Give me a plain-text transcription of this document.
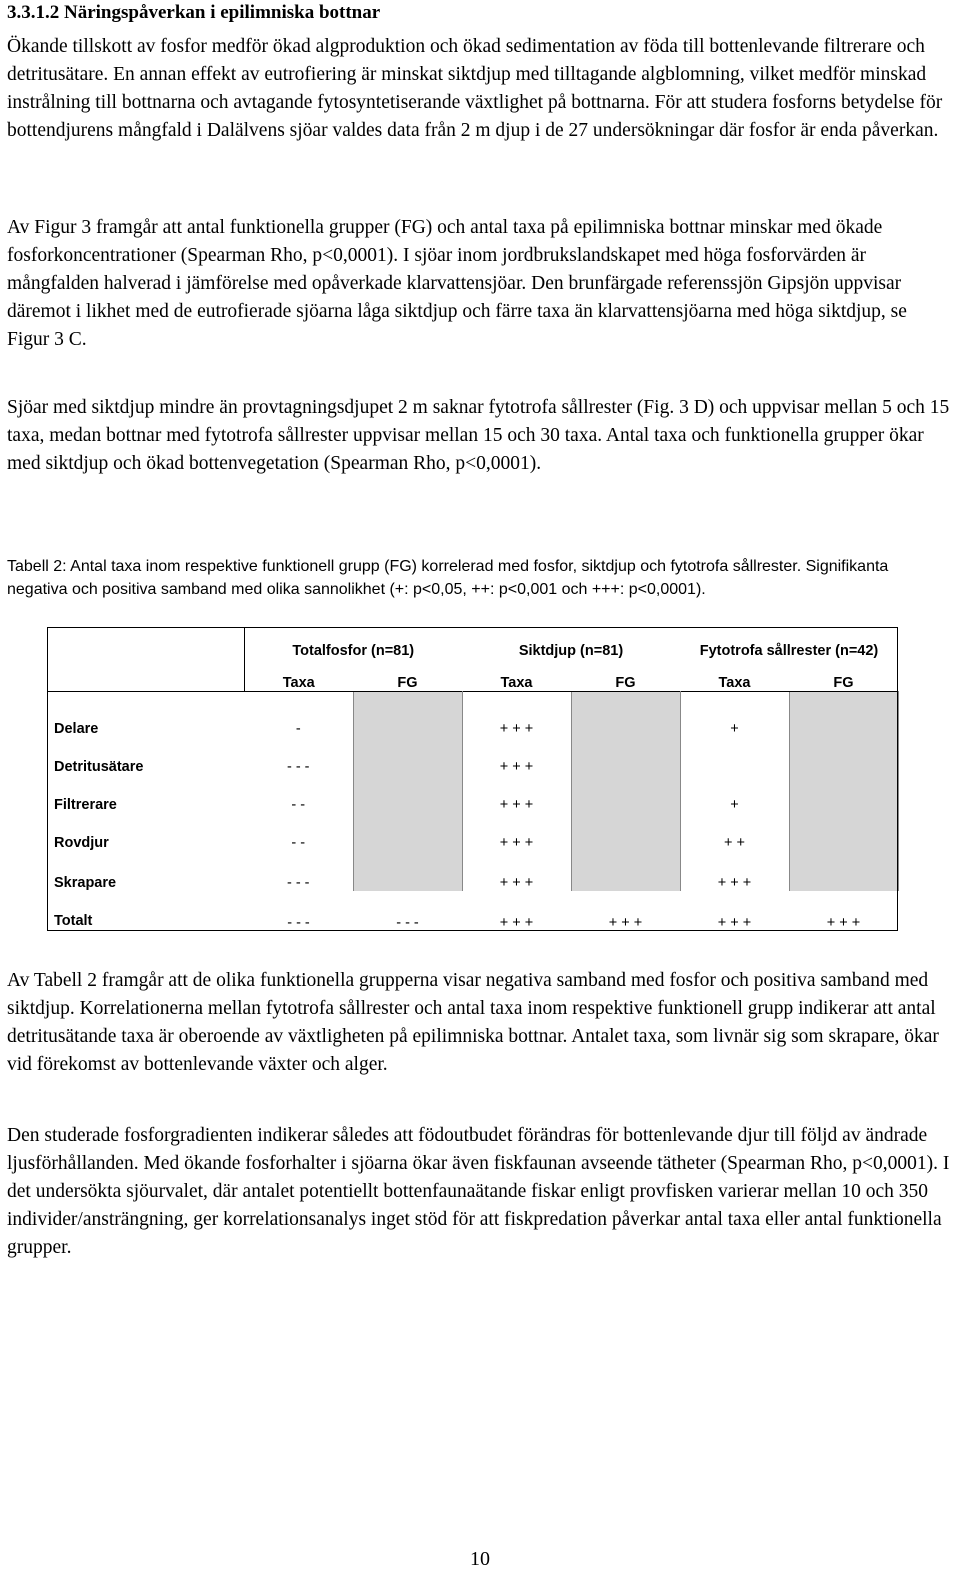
3.3.1.2 Näringspåverkan i epilimniska bottnar

Ökande tillskott av fosfor medför ökad algproduktion och ökad sedimentation av föda till bottenlevande filtrerare och detritusätare. En annan effekt av eutrofiering är minskat siktdjup med tilltagande algblomning, vilket medför minskad instrålning till bottnarna och avtagande fytosyntetiserande växtlighet på bottnarna. För att studera fosforns betydelse för bottendjurens mångfald i Dalälvens sjöar valdes data från 2 m djup i de 27 undersökningar där fosfor är enda påverkan.

Av Figur 3 framgår att antal funktionella grupper (FG) och antal taxa på epilimniska bottnar minskar med ökade fosforkoncentrationer (Spearman Rho, p<0,0001). I sjöar inom jordbrukslandskapet med höga fosforvärden är mångfalden halverad i jämförelse med opåverkade klarvattensjöar. Den brunfärgade referenssjön Gipsjön uppvisar däremot i likhet med de eutrofierade sjöarna låga siktdjup och färre taxa än klarvattensjöarna med höga siktdjup, se Figur 3 C.

Sjöar med siktdjup mindre än provtagningsdjupet 2 m saknar fytotrofa sållrester (Fig. 3 D) och uppvisar mellan 5 och 15 taxa, medan bottnar med fytotrofa sållrester uppvisar mellan 15 och 30 taxa. Antal taxa och funktionella grupper ökar med siktdjup och ökad bottenvegetation (Spearman Rho, p<0,0001).

Tabell 2: Antal taxa inom respektive funktionell grupp (FG) korrelerad med fosfor, siktdjup och fytotrofa sållrester. Signifikanta negativa och positiva samband med olika sannolikhet (+: p<0,05, ++: p<0,001 och +++: p<0,0001).

	Totalfosfor (n=81)		Siktdjup (n=81)		Fytotrofa sållrester (n=42)	
	Taxa	FG	Taxa	FG	Taxa	FG

Delare	-		+ + +		+	
Detritusätare	- - -		+ + +			
Filtrerare	- -		+ + +		+	
Rovdjur	- -		+ + +		+ +	
Skrapare	- - -		+ + +		+ + +	
Totalt	- - -	- - -	+ + +	+ + +	+ + +	+ + +

Av Tabell 2 framgår att de olika funktionella grupperna visar negativa samband med fosfor och positiva samband med siktdjup. Korrelationerna mellan fytotrofa sållrester och antal taxa inom respektive funktionell grupp indikerar att antal detritusätande taxa är oberoende av växtligheten på epilimniska bottnar. Antalet taxa, som livnär sig som skrapare, ökar vid förekomst av bottenlevande växter och alger.

Den studerade fosforgradienten indikerar således att födoutbudet förändras för bottenlevande djur till följd av ändrade ljusförhållanden. Med ökande fosforhalter i sjöarna ökar även fiskfaunan avseende tätheter (Spearman Rho, p<0,0001). I det undersökta sjöurvalet, där antalet potentiellt bottenfaunaätande fiskar enligt provfisken varierar mellan 10 och 350 individer/ansträngning, ger korrelationsanalys inget stöd för att fiskpredation påverkar antal taxa eller antal funktionella grupper.

10
